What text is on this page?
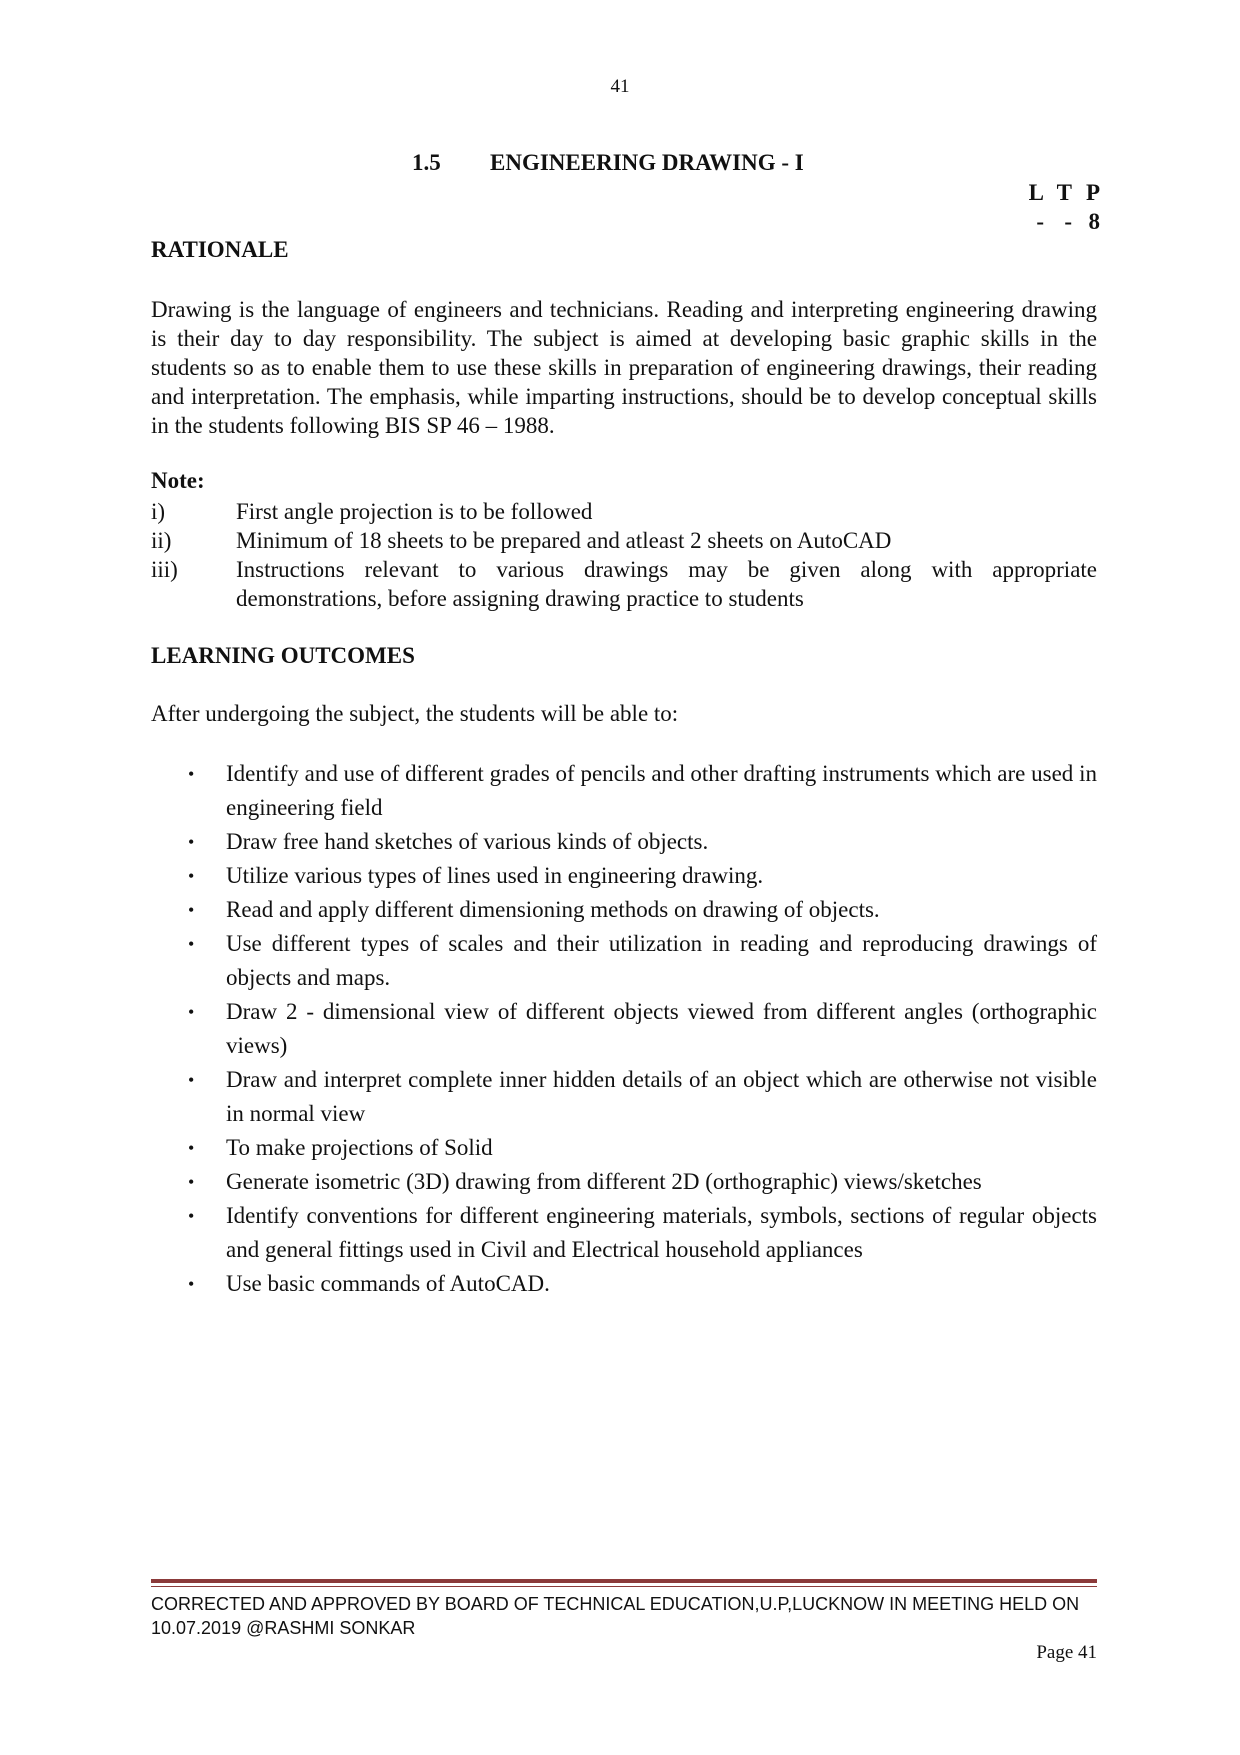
41
1.5 ENGINEERING DRAWING - I
L T P
- - 8
RATIONALE
Drawing is the language of engineers and technicians. Reading and interpreting engineering drawing is their day to day responsibility. The subject is aimed at developing basic graphic skills in the students so as to enable them to use these skills in preparation of engineering drawings, their reading and interpretation. The emphasis, while imparting instructions, should be to develop conceptual skills in the students following BIS SP 46 – 1988.
Note:
i)	First angle projection is to be followed
ii)	Minimum of 18 sheets to be prepared and atleast 2 sheets on AutoCAD
iii)	Instructions relevant to various drawings may be given along with appropriate demonstrations, before assigning drawing practice to students
LEARNING OUTCOMES
After undergoing the subject, the students will be able to:
• Identify and use of different grades of pencils and other drafting instruments which are used in engineering field
• Draw free hand sketches of various kinds of objects.
• Utilize various types of lines used in engineering drawing.
• Read and apply different dimensioning methods on drawing of objects.
• Use different types of scales and their utilization in reading and reproducing drawings of objects and maps.
• Draw 2 - dimensional view of different objects viewed from different angles (orthographic views)
• Draw and interpret complete inner hidden details of an object which are otherwise not visible in normal view
• To make projections of Solid
• Generate isometric (3D) drawing from different 2D (orthographic) views/sketches
• Identify conventions for different engineering materials, symbols, sections of regular objects and general fittings used in Civil and Electrical household appliances
• Use basic commands of AutoCAD.
CORRECTED AND APPROVED BY BOARD OF TECHNICAL EDUCATION,U.P,LUCKNOW IN MEETING HELD ON 10.07.2019 @RASHMI SONKAR
Page 41
